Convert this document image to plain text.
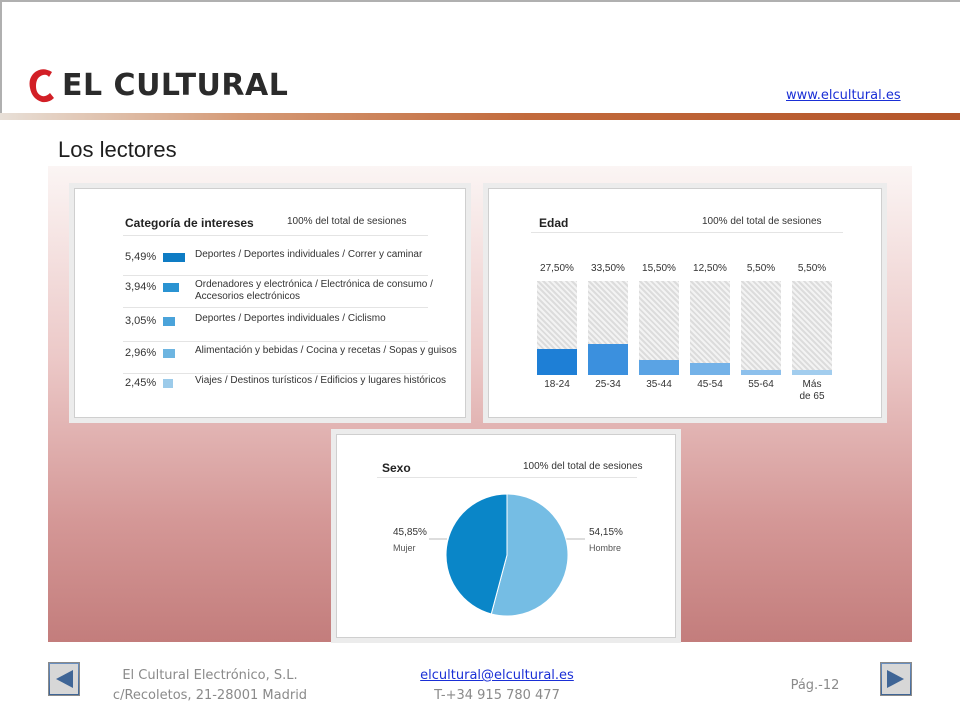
EL CULTURAL	www.elcultural.es
Los lectores
Categoría de intereses	100% del total de sesiones
5,49%	Deportes / Deportes individuales / Correr y caminar
3,94%	Ordenadores y electrónica / Electrónica de consumo / Accesorios electrónicos
3,05%	Deportes / Deportes individuales / Ciclismo
2,96%	Alimentación y bebidas / Cocina y recetas / Sopas y guisos
2,45%	Viajes / Destinos turísticos / Edificios y lugares históricos
Edad	100% del total de sesiones
27,50%
18-24
33,50%
25-34
15,50%
35-44
12,50%
45-54
5,50%
55-64
5,50%
Más
de 65
Sexo	100% del total de sesiones
45,85%
Mujer
54,15%
Hombre
El Cultural Electrónico, S.L.
c/Recoletos, 21-28001 Madrid
elcultural@elcultural.es
T-+34 915 780 477
Pág.-12
